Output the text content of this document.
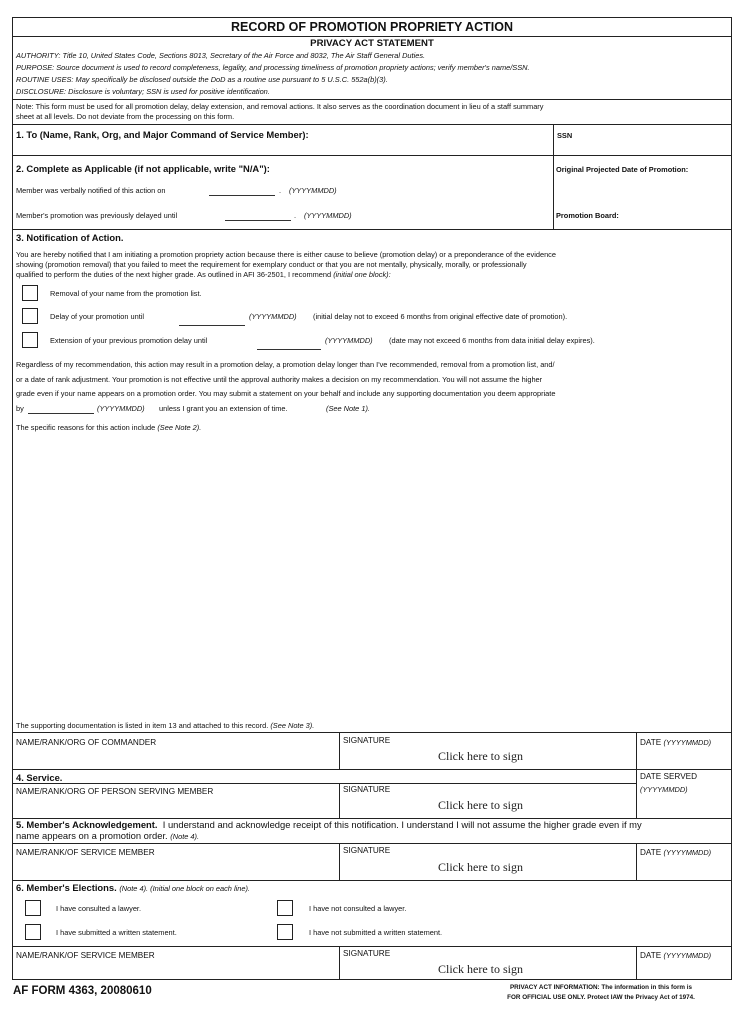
RECORD OF PROMOTION PROPRIETY ACTION
PRIVACY ACT STATEMENT
AUTHORITY: Title 10, United States Code, Sections 8013, Secretary of the Air Force and 8032, The Air Staff General Duties.
PURPOSE: Source document is used to record completeness, legality, and processing timeliness of promotion propriety actions; verify member's name/SSN.
ROUTINE USES: May specifically be disclosed outside the DoD as a routine use pursuant to 5 U.S.C. 552a(b)(3).
DISCLOSURE: Disclosure is voluntary; SSN is used for positive identification.
Note: This form must be used for all promotion delay, delay extension, and removal actions. It also serves as the coordination document in lieu of a staff summary
sheet at all levels. Do not deviate from the processing on this form.
1. To (Name, Rank, Org, and Major Command of Service Member):	SSN
2. Complete as Applicable (if not applicable, write "N/A"):	Original Projected Date of Promotion:
Promotion Board:
Member was verbally notified of this action on	. (YYYYMMDD)
Member's promotion was previously delayed until	. (YYYYMMDD)
3. Notification of Action.
You are hereby notified that I am initiating a promotion propriety action because there is either cause to believe (promotion delay) or a preponderance of the evidence
showing (promotion removal) that you failed to meet the requirement for exemplary conduct or that you are not mentally, physically, morally, or professionally
qualified to perform the duties of the next higher grade. As outlined in AFI 36-2501, I recommend (initial one block):
Removal of your name from the promotion list.
Delay of your promotion until	(YYYYMMDD) (initial delay not to exceed 6 months from original effective date of promotion).
Extension of your previous promotion delay until	(YYYYMMDD) (date may not exceed 6 months from data initial delay expires).
Regardless of my recommendation, this action may result in a promotion delay, a promotion delay longer than I've recommended, removal from a promotion list, and/
or a date of rank adjustment. Your promotion is not effective until the approval authority makes a decision on my recommendation. You will not assume the higher
grade even if your name appears on a promotion order. You may submit a statement on your behalf and include any supporting documentation you deem appropriate
by	(YYYYMMDD) unless I grant you an extension of time.	(See Note 1).
The specific reasons for this action include (See Note 2).
The supporting documentation is listed in item 13 and attached to this record. (See Note 3).
NAME/RANK/ORG OF COMMANDER	SIGNATURE
Click here to sign
DATE (YYYYMMDD)
4. Service.	DATE SERVED
(YYYYMMDD)
NAME/RANK/ORG OF PERSON SERVING MEMBER	SIGNATURE
Click here to sign
5. Member's Acknowledgement. I understand and acknowledge receipt of this notification. I understand I will not assume the higher grade even if my
name appears on a promotion order. (Note 4).
NAME/RANK/OF SERVICE MEMBER	SIGNATURE
Click here to sign
DATE (YYYYMMDD)
6. Member's Elections. (Note 4). (Initial one block on each line).
I have consulted a lawyer.	I have not consulted a lawyer.
I have submitted a written statement.	I have not submitted a written statement.
NAME/RANK/OF SERVICE MEMBER	SIGNATURE
Click here to sign
DATE (YYYYMMDD)
AF FORM 4363, 20080610	PRIVACY ACT INFORMATION: The information in this form is
FOR OFFICIAL USE ONLY. Protect IAW the Privacy Act of 1974.
